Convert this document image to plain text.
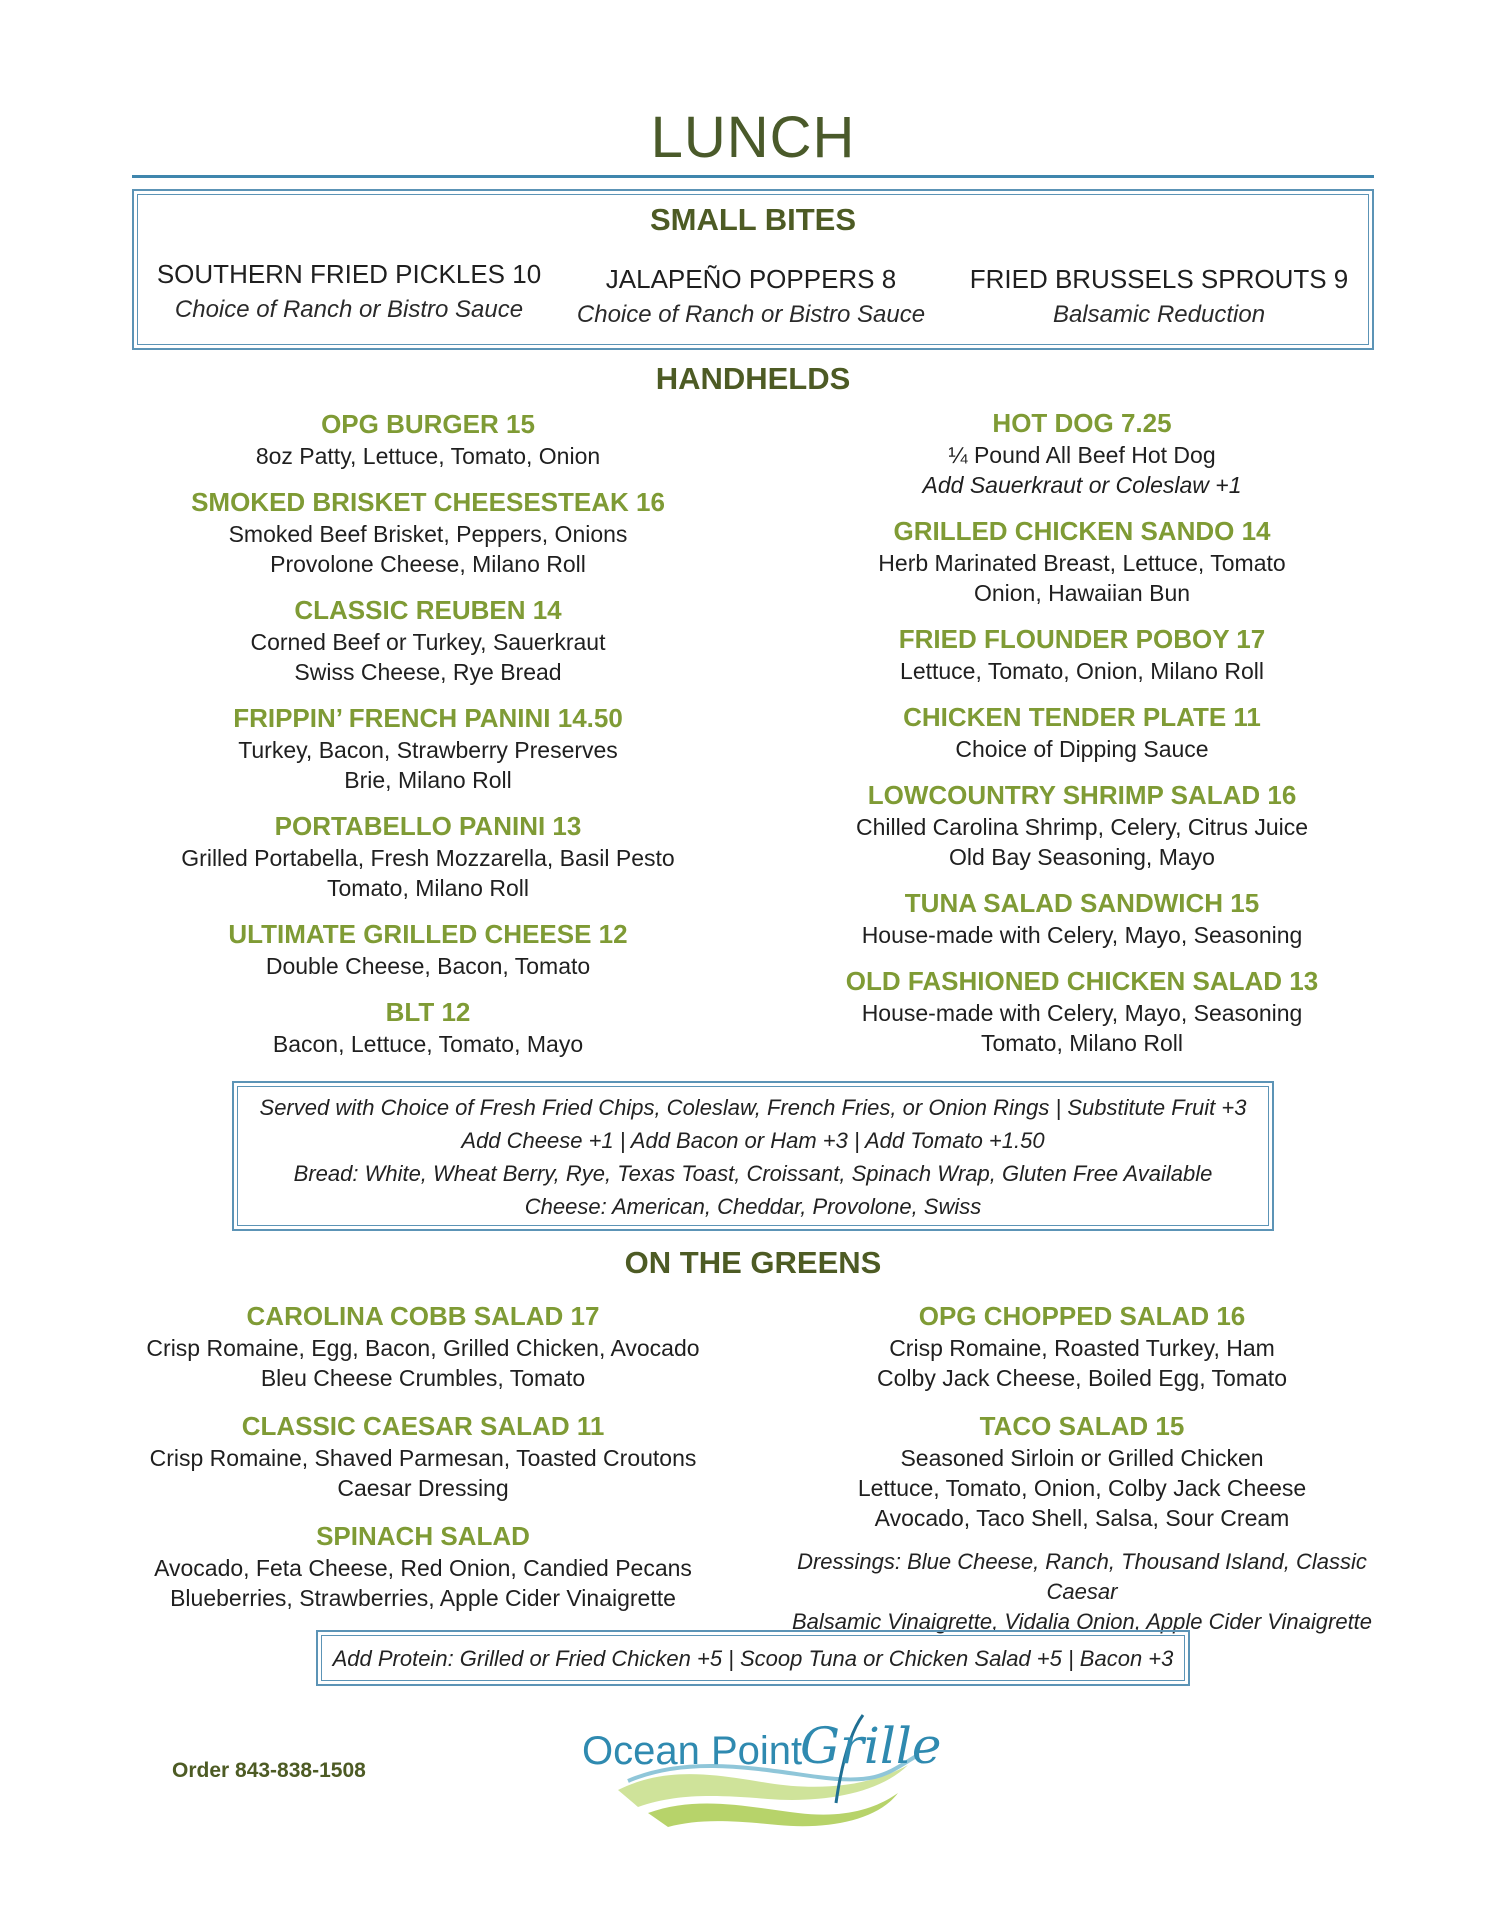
LUNCH
SMALL BITES
SOUTHERN FRIED PICKLES 10
Choice of Ranch or Bistro Sauce
JALAPEÑO POPPERS 8
Choice of Ranch or Bistro Sauce
FRIED BRUSSELS SPROUTS 9
Balsamic Reduction
HANDHELDS
OPG BURGER 15
8oz Patty, Lettuce, Tomato, Onion
SMOKED BRISKET CHEESESTEAK 16
Smoked Beef Brisket, Peppers, Onions
Provolone Cheese, Milano Roll
CLASSIC REUBEN 14
Corned Beef or Turkey, Sauerkraut
Swiss Cheese, Rye Bread
FRIPPIN’ FRENCH PANINI 14.50
Turkey, Bacon, Strawberry Preserves
Brie, Milano Roll
PORTABELLO PANINI 13
Grilled Portabella, Fresh Mozzarella, Basil Pesto
Tomato, Milano Roll
ULTIMATE GRILLED CHEESE 12
Double Cheese, Bacon, Tomato
BLT 12
Bacon, Lettuce, Tomato, Mayo
HOT DOG 7.25
¼ Pound All Beef Hot Dog
Add Sauerkraut or Coleslaw +1
GRILLED CHICKEN SANDO 14
Herb Marinated Breast, Lettuce, Tomato
Onion, Hawaiian Bun
FRIED FLOUNDER POBOY 17
Lettuce, Tomato, Onion, Milano Roll
CHICKEN TENDER PLATE 11
Choice of Dipping Sauce
LOWCOUNTRY SHRIMP SALAD 16
Chilled Carolina Shrimp, Celery, Citrus Juice
Old Bay Seasoning, Mayo
TUNA SALAD SANDWICH 15
House-made with Celery, Mayo, Seasoning
OLD FASHIONED CHICKEN SALAD 13
House-made with Celery, Mayo, Seasoning
Tomato, Milano Roll
Served with Choice of Fresh Fried Chips, Coleslaw, French Fries, or Onion Rings | Substitute Fruit +3
Add Cheese +1 | Add Bacon or Ham +3 | Add Tomato +1.50
Bread: White, Wheat Berry, Rye, Texas Toast, Croissant, Spinach Wrap, Gluten Free Available
Cheese: American, Cheddar, Provolone, Swiss
ON THE GREENS
CAROLINA COBB SALAD 17
Crisp Romaine, Egg, Bacon, Grilled Chicken, Avocado
Bleu Cheese Crumbles, Tomato
CLASSIC CAESAR SALAD 11
Crisp Romaine, Shaved Parmesan, Toasted Croutons
Caesar Dressing
SPINACH SALAD
Avocado, Feta Cheese, Red Onion, Candied Pecans
Blueberries, Strawberries, Apple Cider Vinaigrette
OPG CHOPPED SALAD 16
Crisp Romaine, Roasted Turkey, Ham
Colby Jack Cheese, Boiled Egg, Tomato
TACO SALAD 15
Seasoned Sirloin or Grilled Chicken
Lettuce, Tomato, Onion, Colby Jack Cheese
Avocado, Taco Shell, Salsa, Sour Cream
Dressings: Blue Cheese, Ranch, Thousand Island, Classic Caesar
Balsamic Vinaigrette, Vidalia Onion, Apple Cider Vinaigrette
Add Protein: Grilled or Fried Chicken +5 | Scoop Tuna or Chicken Salad +5 | Bacon +3
Order 843-838-1508	Ocean Point
Grille
